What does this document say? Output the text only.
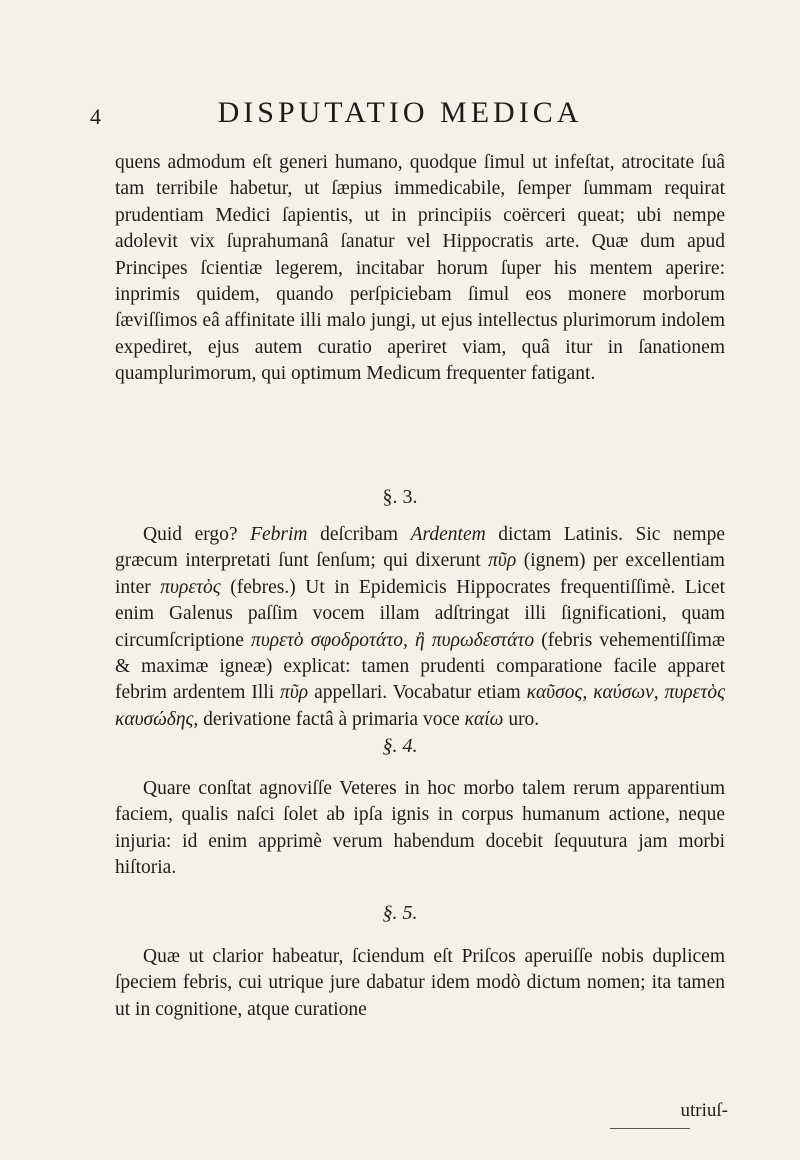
4	DISPUTATIO MEDICA

quens admodum eſt generi humano, quodque ſimul ut infeſtat, atrocitate ſuâ tam terribile habetur, ut ſæpius immedicabile, ſemper ſummam requirat prudentiam Medici ſapientis, ut in principiis coërceri queat; ubi nempe adolevit vix ſuprahumanâ ſanatur vel Hippocratis arte. Quæ dum apud Principes ſcientiæ legerem, incitabar horum ſuper his mentem aperire: inprimis quidem, quando perſpiciebam ſimul eos monere morborum ſæviſſimos eâ affinitate illi malo jungi, ut ejus intellectus plurimorum indolem expediret, ejus autem curatio aperiret viam, quâ itur in ſanationem quamplurimorum, qui optimum Medicum frequenter fatigant.

§. 3.

Quid ergo? Febrim deſcribam Ardentem dictam Latinis. Sic nempe græcum interpretati ſunt ſenſum; qui dixerunt πῦρ (ignem) per excellentiam inter πυρετὸς (febres.) Ut in Epidemicis Hippocrates frequentiſſimè. Licet enim Galenus paſſim vocem illam adſtringat illi ſignificationi, quam circumſcriptione πυρετὸ σφοδροτάτο, ἢ πυρωδεστάτο (febris vehementiſſimæ & maximæ igneæ) explicat: tamen prudenti comparatione facile apparet febrim ardentem Illi πῦρ appellari. Vocabatur etiam καῦσος, καύσων, πυρετὸς καυσώδης, derivatione factâ à primaria voce καίω uro.

§. 4.

Quare conſtat agnoviſſe Veteres in hoc morbo talem rerum apparentium faciem, qualis naſci ſolet ab ipſa ignis in corpus humanum actione, neque injuria: id enim apprimè verum habendum docebit ſequutura jam morbi hiſtoria.

§. 5.

Quæ ut clarior habeatur, ſciendum eſt Priſcos aperuiſſe nobis duplicem ſpeciem febris, cui utrique jure dabatur idem modò dictum nomen; ita tamen ut in cognitione, atque curatione

utriuſ-
